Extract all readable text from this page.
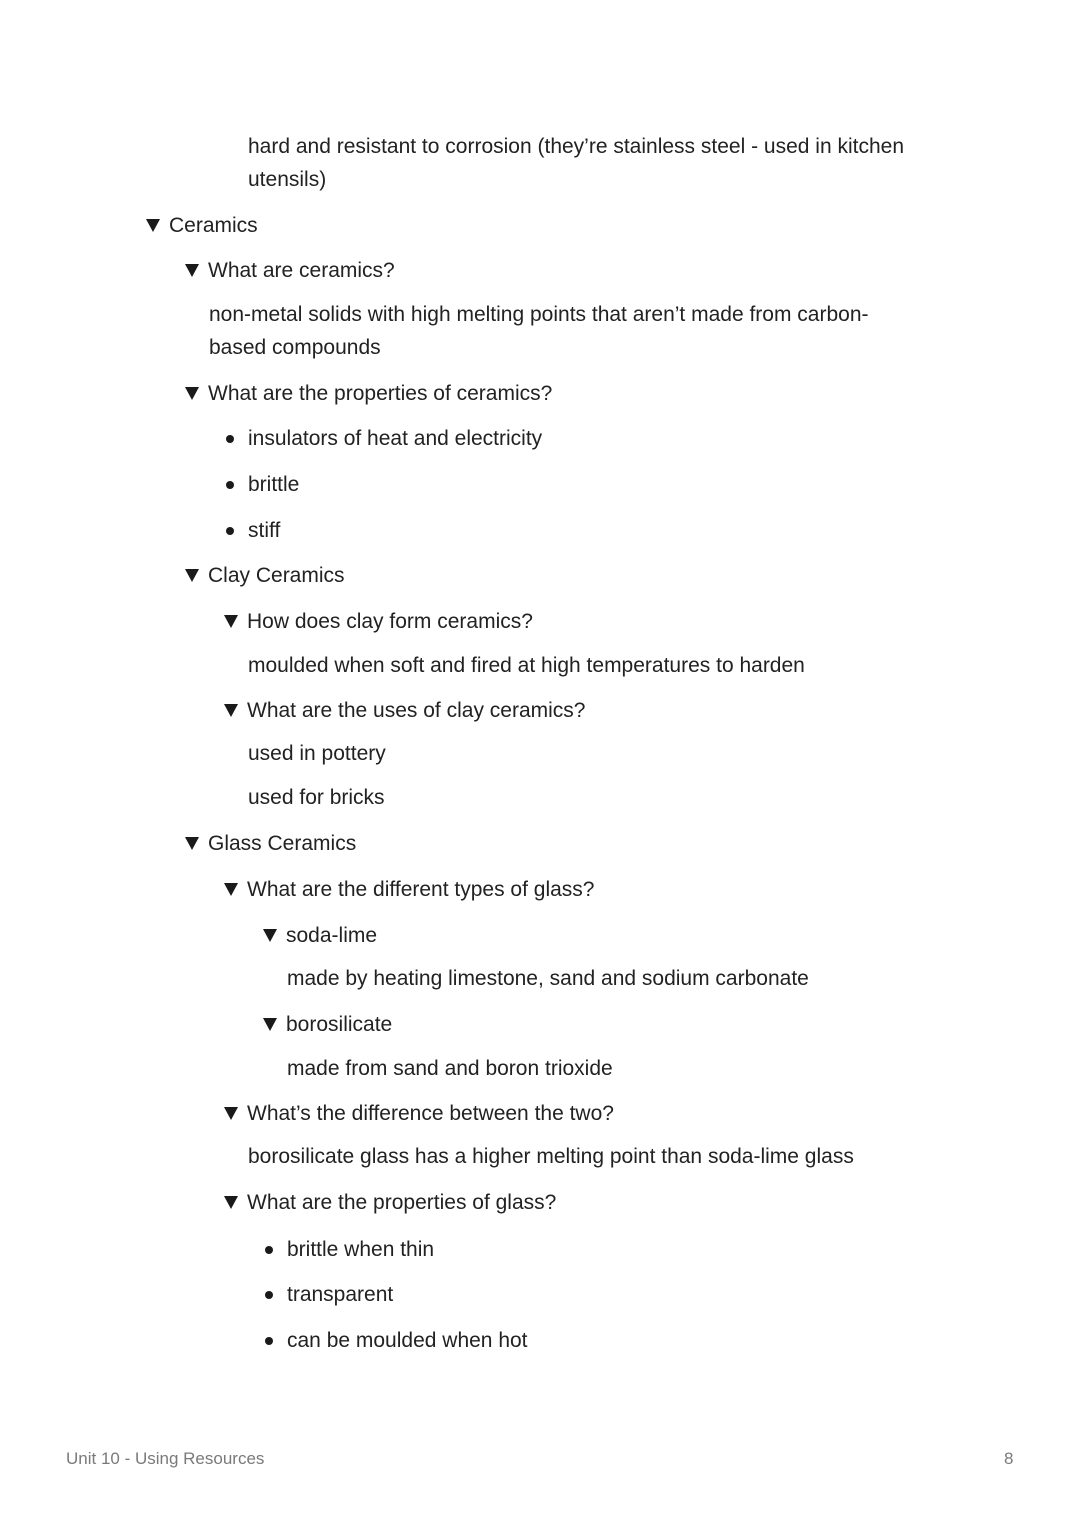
hard and resistant to corrosion (they’re stainless steel - used in kitchen
utensils)
Ceramics
What are ceramics?
non-metal solids with high melting points that aren’t made from carbon-
based compounds
What are the properties of ceramics?
insulators of heat and electricity
brittle
stiff
Clay Ceramics
How does clay form ceramics?
moulded when soft and fired at high temperatures to harden
What are the uses of clay ceramics?
used in pottery
used for bricks
Glass Ceramics
What are the different types of glass?
soda-lime
made by heating limestone, sand and sodium carbonate
borosilicate
made from sand and boron trioxide
What’s the difference between the two?
borosilicate glass has a higher melting point than soda-lime glass
What are the properties of glass?
brittle when thin
transparent
can be moulded when hot
Unit 10 - Using Resources	8
